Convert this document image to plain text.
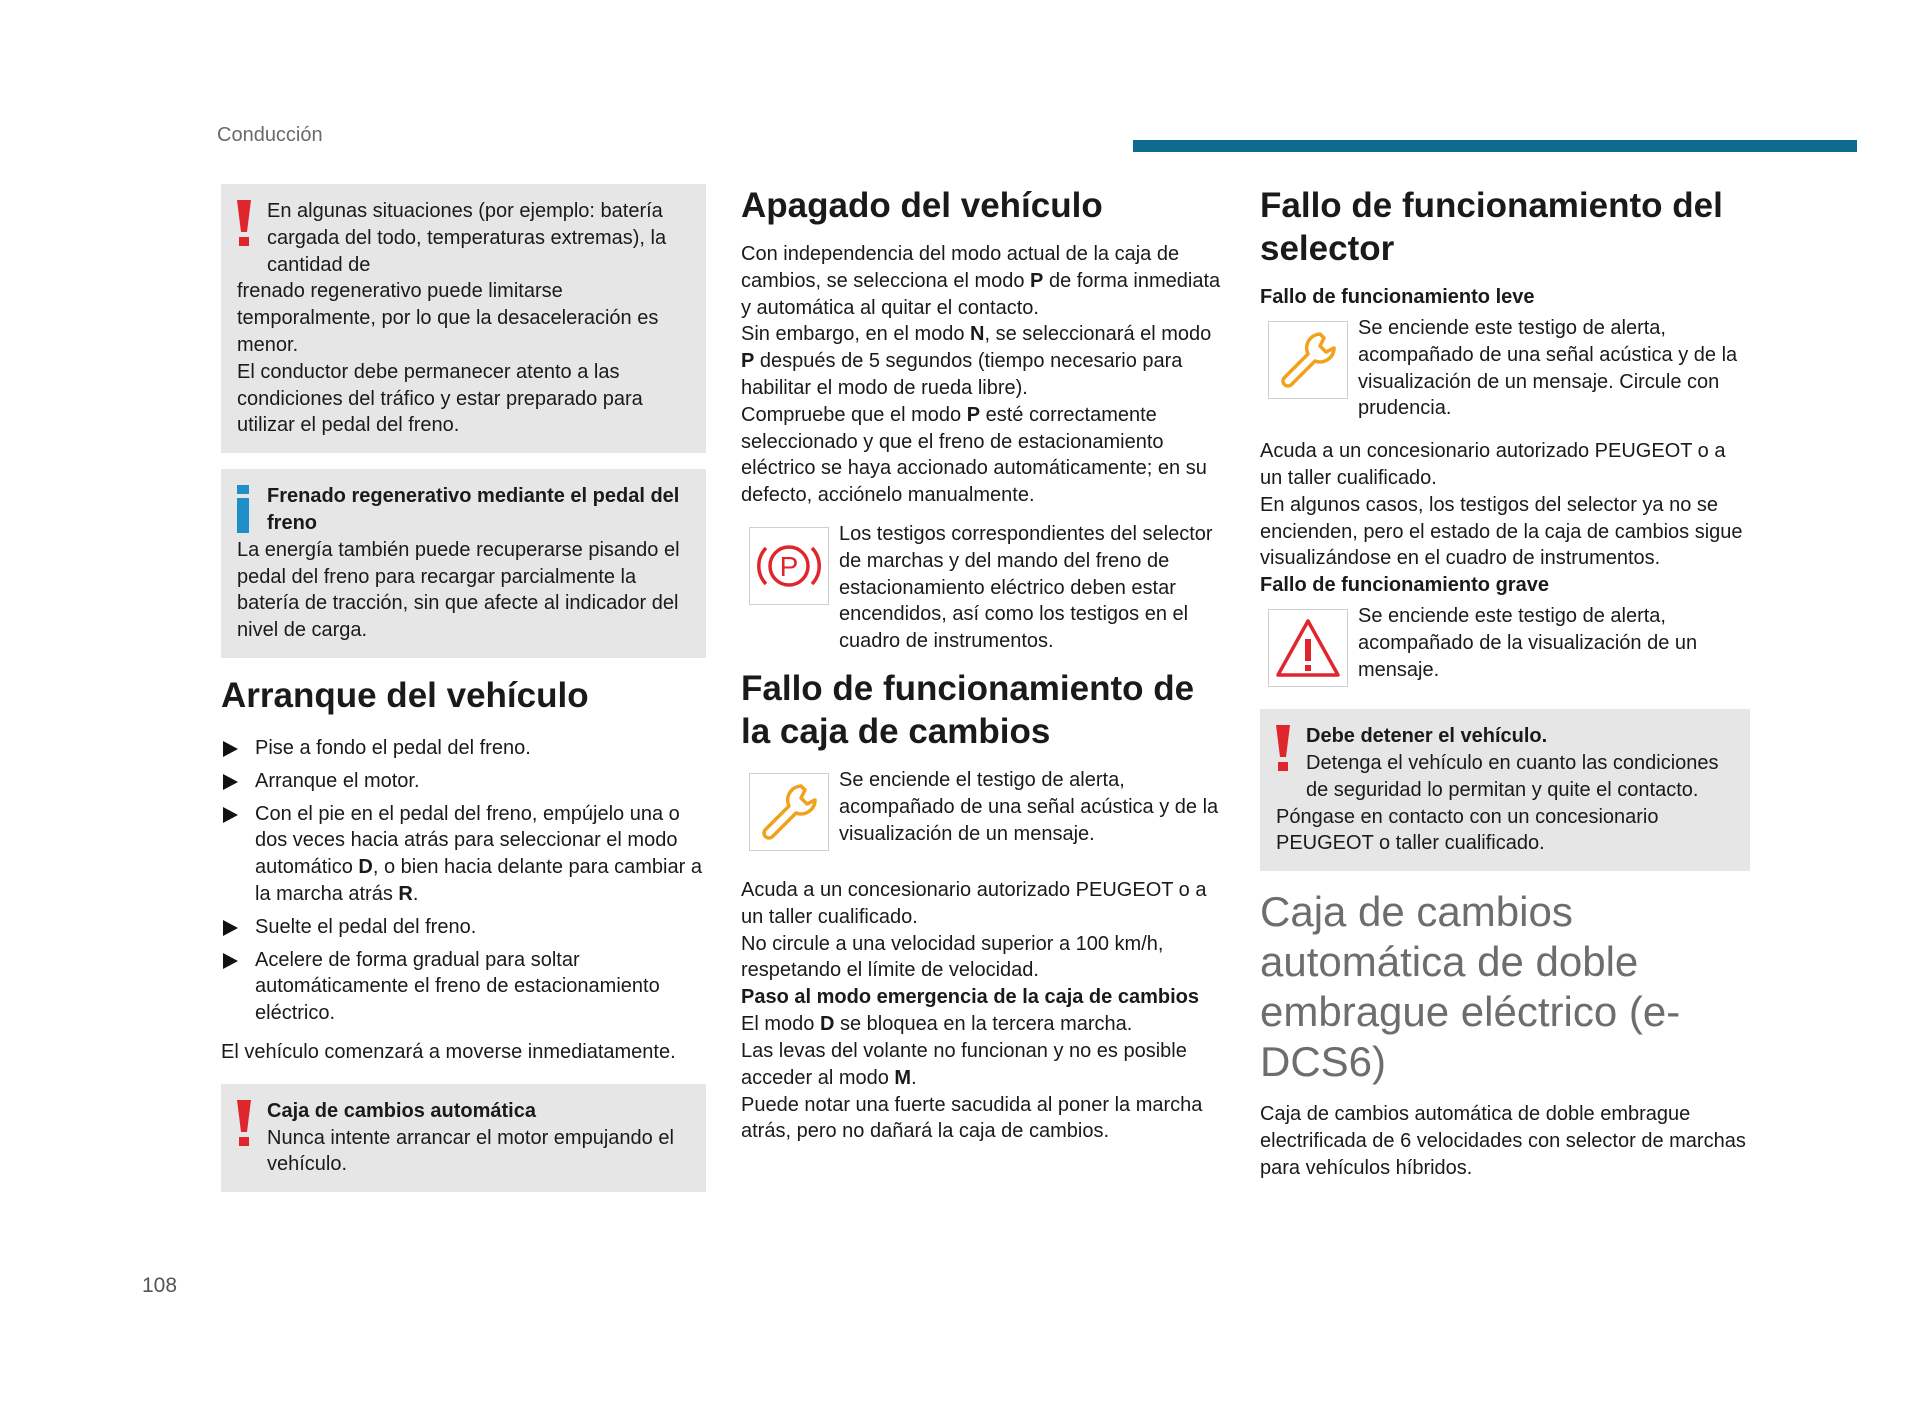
Conducción

En algunas situaciones (por ejemplo: batería cargada del todo, temperaturas extremas), la cantidad de

frenado regenerativo puede limitarse temporalmente, por lo que la desaceleración es menor.

El conductor debe permanecer atento a las condiciones del tráfico y estar preparado para utilizar el pedal del freno.

Frenado regenerativo mediante el pedal del freno

La energía también puede recuperarse pisando el pedal del freno para recargar parcialmente la batería de tracción, sin que afecte al indicador del nivel de carga.

Arranque del vehículo
Pise a fondo el pedal del freno.
Arranque el motor.
Con el pie en el pedal del freno, empújelo una o dos veces hacia atrás para seleccionar el modo automático D, o bien hacia delante para cambiar a la marcha atrás R.
Suelte el pedal del freno.
Acelere de forma gradual para soltar automáticamente el freno de estacionamiento eléctrico.

El vehículo comenzará a moverse inmediatamente.

Caja de cambios automática

Nunca intente arrancar el motor empujando el vehículo.

Apagado del vehículo

Con independencia del modo actual de la caja de cambios, se selecciona el modo P de forma inmediata y automática al quitar el contacto.

Sin embargo, en el modo N, se seleccionará el modo P después de 5 segundos (tiempo necesario para habilitar el modo de rueda libre).

Compruebe que el modo P esté correctamente seleccionado y que el freno de estacionamiento eléctrico se haya accionado automáticamente; en su defecto, acciónelo manualmente.

P

Los testigos correspondientes del selector de marchas y del mando del freno de estacionamiento eléctrico deben estar encendidos, así como los testigos en el cuadro de instrumentos.

Fallo de funcionamiento de la caja de cambios

Se enciende el testigo de alerta, acompañado de una señal acústica y de la visualización de un mensaje.

Acuda a un concesionario autorizado PEUGEOT o a un taller cualificado.

No circule a una velocidad superior a 100 km/h, respetando el límite de velocidad.

Paso al modo emergencia de la caja de cambios

El modo D se bloquea en la tercera marcha.

Las levas del volante no funcionan y no es posible acceder al modo M.

Puede notar una fuerte sacudida al poner la marcha atrás, pero no dañará la caja de cambios.

Fallo de funcionamiento del selector
Fallo de funcionamiento leve

Se enciende este testigo de alerta, acompañado de una señal acústica y de la visualización de un mensaje. Circule con prudencia.

Acuda a un concesionario autorizado PEUGEOT o a un taller cualificado.

En algunos casos, los testigos del selector ya no se encienden, pero el estado de la caja de cambios sigue visualizándose en el cuadro de instrumentos.

Fallo de funcionamiento grave

Se enciende este testigo de alerta, acompañado de la visualización de un mensaje.

Debe detener el vehículo.

Detenga el vehículo en cuanto las condiciones de seguridad lo permitan y quite el contacto.

Póngase en contacto con un concesionario PEUGEOT o taller cualificado.

Caja de cambios automática de doble embrague eléctrico (e-DCS6)

Caja de cambios automática de doble embrague electrificada de 6 velocidades con selector de marchas para vehículos híbridos.

108
